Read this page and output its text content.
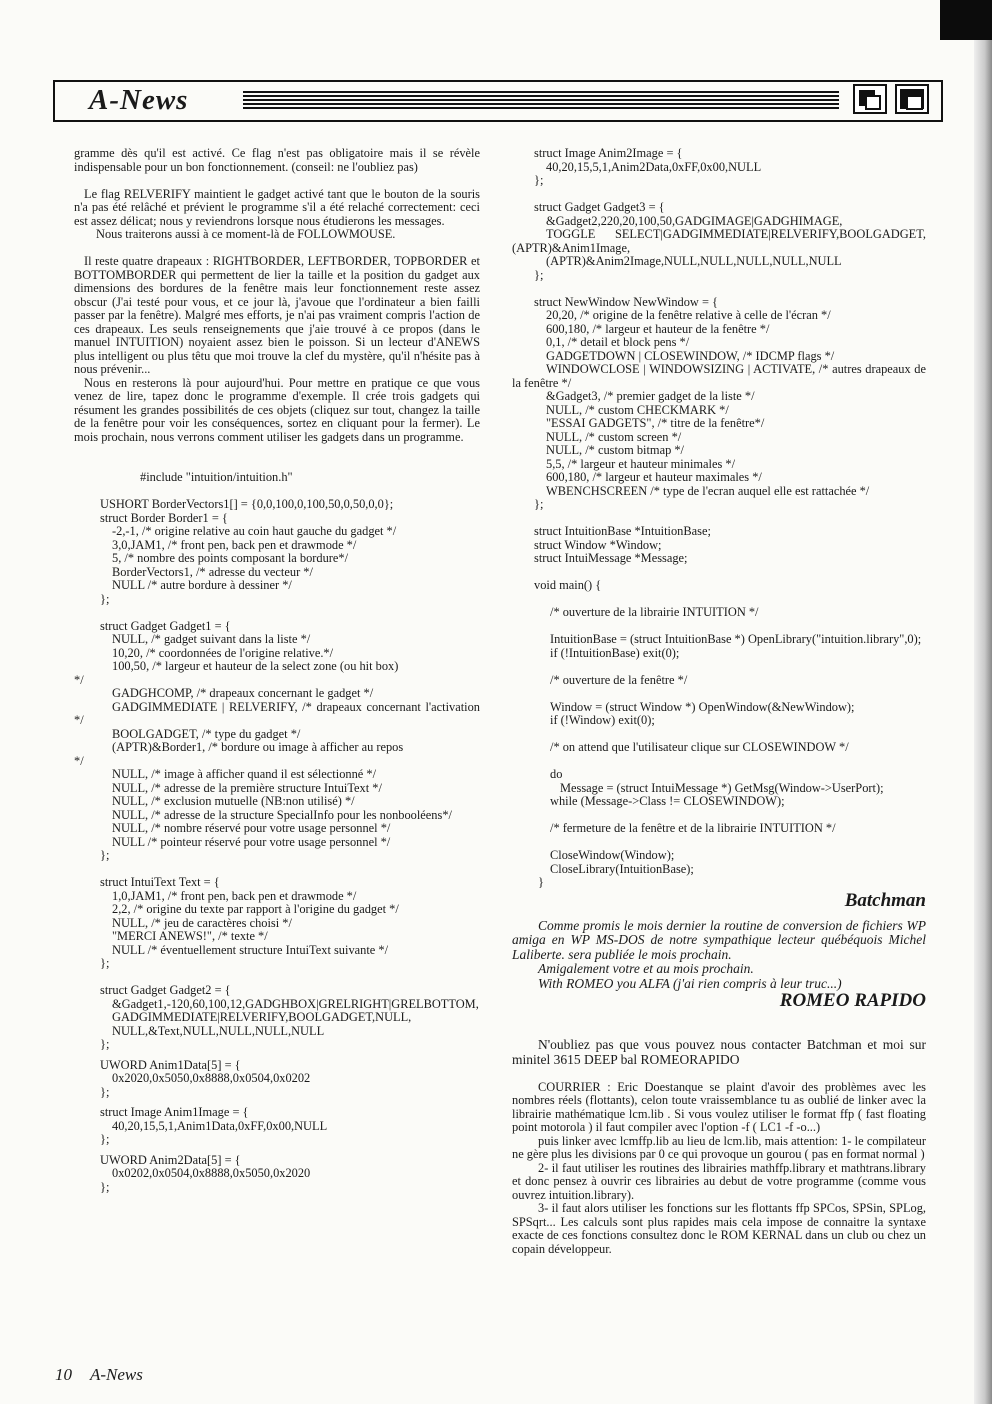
A-News

gramme dès qu'il est activé. Ce flag n'est pas obligatoire mais il se révèle indispensable pour un bon fonctionnement. (conseil: ne l'oubliez pas)

Le flag RELVERIFY maintient le gadget activé tant que le bouton de la souris n'a pas été relâché et prévient le programme s'il a été relaché correctement: ceci est assez délicat; nous y reviendrons lorsque nous étudierons les messages.

Nous traiterons aussi à ce moment-là de FOLLOWMOUSE.

Il reste quatre drapeaux : RIGHTBORDER, LEFTBORDER, TOPBORDER et BOTTOMBORDER qui permettent de lier la taille et la position du gadget aux dimensions des bordures de la fenêtre mais leur fonctionnement reste assez obscur (J'ai testé pour vous, et ce jour là, j'avoue que l'ordinateur a bien failli passer par la fenêtre). Malgré mes efforts, je n'ai pas vraiment compris l'action de ces drapeaux. Les seuls renseignements que j'aie trouvé à ce propos (dans le manuel INTUITION) noyaient assez bien le poisson. Si un lecteur d'ANEWS plus intelligent ou plus têtu que moi trouve la clef du mystère, qu'il n'hésite pas à nous prévenir...

Nous en resterons là pour aujourd'hui. Pour mettre en pratique ce que vous venez de lire, tapez donc le programme d'exemple. Il crée trois gadgets qui résument les grandes possibilités de ces objets (cliquez sur tout, changez la taille de la fenêtre pour voir les conséquences, sortez en cliquant pour la fermer). Le mois prochain, nous verrons comment utiliser les gadgets dans un programme.

#include "intuition/intuition.h"

USHORT BorderVectors1[] = {0,0,100,0,100,50,0,50,0,0};

struct Border Border1 = {

-2,-1, /* origine relative au coin haut gauche du gadget */

3,0,JAM1, /* front pen, back pen et drawmode */

5, /* nombre des points composant la bordure*/

BorderVectors1, /* adresse du vecteur */

NULL /* autre bordure à dessiner */

};

struct Gadget Gadget1 = {

NULL, /* gadget suivant dans la liste */

10,20, /* coordonnées de l'origine relative.*/

100,50, /* largeur et hauteur de la select zone (ou hit box)

*/

GADGHCOMP, /* drapeaux concernant le gadget */

GADGIMMEDIATE | RELVERIFY, /* drapeaux concernant l'activation */

BOOLGADGET, /* type du gadget */

(APTR)&Border1, /* bordure ou image à afficher au repos

*/

NULL, /* image à afficher quand il est sélectionné */

NULL, /* adresse de la première structure IntuiText */

NULL, /* exclusion mutuelle (NB:non utilisé) */

NULL, /* adresse de la structure SpecialInfo pour les nonbooléens*/

NULL, /* nombre réservé pour votre usage personnel */

NULL /* pointeur réservé pour votre usage personnel */

};

struct IntuiText Text = {

1,0,JAM1, /* front pen, back pen et drawmode */

2,2, /* origine du texte par rapport à l'origine du gadget */

NULL, /* jeu de caractères choisi */

"MERCI ANEWS!", /* texte */

NULL /* éventuellement structure IntuiText suivante */

};

struct Gadget Gadget2 = {

&Gadget1,-120,60,100,12,GADGHBOX|GRELRIGHT|GRELBOTTOM,

GADGIMMEDIATE|RELVERIFY,BOOLGADGET,NULL,

NULL,&Text,NULL,NULL,NULL,NULL

};

UWORD Anim1Data[5] = {

0x2020,0x5050,0x8888,0x0504,0x0202

};

struct Image Anim1Image = {

40,20,15,5,1,Anim1Data,0xFF,0x00,NULL

};

UWORD Anim2Data[5] = {

0x0202,0x0504,0x8888,0x5050,0x2020

};

struct Image Anim2Image = {

40,20,15,5,1,Anim2Data,0xFF,0x00,NULL

};

struct Gadget Gadget3 = {

&Gadget2,220,20,100,50,GADGIMAGE|GADGHIMAGE,

TOGGLE SELECT|GADGIMMEDIATE|RELVERIFY,BOOLGADGET,(APTR)&Anim1Image,

(APTR)&Anim2Image,NULL,NULL,NULL,NULL,NULL

};

struct NewWindow NewWindow = {

20,20, /* origine de la fenêtre relative à celle de l'écran */

600,180, /* largeur et hauteur de la fenêtre */

0,1, /* detail et block pens */

GADGETDOWN | CLOSEWINDOW, /* IDCMP flags */

WINDOWCLOSE | WINDOWSIZING | ACTIVATE, /* autres drapeaux de la fenêtre */

&Gadget3, /* premier gadget de la liste */

NULL, /* custom CHECKMARK */

"ESSAI GADGETS", /* titre de la fenêtre*/

NULL, /* custom screen */

NULL, /* custom bitmap */

5,5, /* largeur et hauteur minimales */

600,180, /* largeur et hauteur maximales */

WBENCHSCREEN /* type de l'ecran auquel elle est rattachée */

};

struct IntuitionBase *IntuitionBase;

struct Window *Window;

struct IntuiMessage *Message;

void main() {

/* ouverture de la librairie INTUITION */

IntuitionBase = (struct IntuitionBase *) OpenLibrary("intuition.library",0);

if (!IntuitionBase) exit(0);

/* ouverture de la fenêtre */

Window = (struct Window *) OpenWindow(&NewWindow);

if (!Window) exit(0);

/* on attend que l'utilisateur clique sur CLOSEWINDOW */

do

Message = (struct IntuiMessage *) GetMsg(Window->UserPort);

while (Message->Class != CLOSEWINDOW);

/* fermeture de la fenêtre et de la librairie INTUITION */

CloseWindow(Window);

CloseLibrary(IntuitionBase);

}

Batchman

Comme promis le mois dernier la routine de conversion de fichiers WP amiga en WP MS-DOS de notre sympathique lecteur québéquois Michel Laliberte. sera publiée le mois prochain.

Amigalement votre et au mois prochain.

With ROMEO you ALFA (j'ai rien compris à leur truc...)

ROMEO RAPIDO

N'oubliez pas que vous pouvez nous contacter Batchman et moi sur minitel 3615 DEEP bal ROMEORAPIDO

COURRIER : Eric Doestanque se plaint d'avoir des problèmes avec les nombres réels (flottants), celon toute vraissemblance tu as oublié de linker avec la librairie mathématique lcm.lib . Si vous voulez utiliser le format ffp ( fast floating point motorola ) il faut compiler avec l'option -f ( LC1 -f -o...)

puis linker avec lcmffp.lib au lieu de lcm.lib, mais attention: 1- le compilateur ne gère plus les divisions par 0 ce qui provoque un gourou ( pas en format normal )

2- il faut utiliser les routines des librairies mathffp.library et mathtrans.library et donc pensez à ouvrir ces librairies au debut de votre programme (comme vous ouvrez intuition.library).

3- il faut alors utiliser les fonctions sur les flottants ffp SPCos, SPSin, SPLog, SPSqrt... Les calculs sont plus rapides mais cela impose de connaitre la syntaxe exacte de ces fonctions consultez donc le ROM KERNAL dans un club ou chez un copain développeur.

10 A-News
